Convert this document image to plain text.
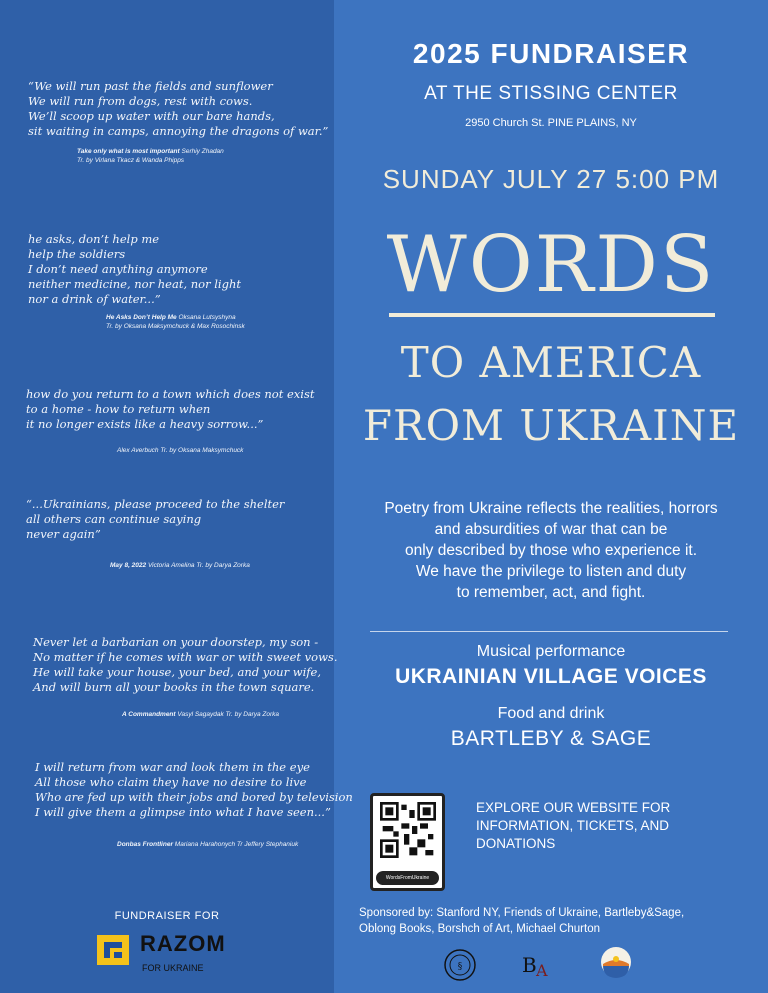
“We will run past the fields and sunflower
We will run from dogs, rest with cows.
We’ll scoop up water with our bare hands,
sit waiting in camps, annoying the dragons of war.”
Take only what is most important Serhiy Zhadan
Tr. by Virlana Tkacz & Wanda Phipps
he asks, don’t help me
help the soldiers
I don’t need anything anymore
neither medicine, nor heat, nor light
nor a drink of water...”
He Asks Don’t Help Me Oksana Lutsyshyna
Tr. by Oksana Maksymchuck & Max Rosochinsk
how do you return to a town which does not exist
to a home - how to return when
it no longer exists like a heavy sorrow...”
Alex Averbuch Tr. by Oksana Maksymchuck
“...Ukrainians, please proceed to the shelter
all others can continue saying
never again”
May 8, 2022 Victoria Amelina Tr. by Darya Zorka
Never let a barbarian on your doorstep, my son -
No matter if he comes with war or with sweet vows.
He will take your house, your bed, and your wife,
And will burn all your books in the town square.
A Commandment Vasyl Sagaydak Tr. by Darya Zorka
I will return from war and look them in the eye
All those who claim they have no desire to live
Who are fed up with their jobs and bored by television
I will give them a glimpse into what I have seen...”
Donbas Frontliner Mariana Harahonych Tr Jeffery Stephaniuk
FUNDRAISER FOR
RAZOM
FOR UKRAINE
2025 FUNDRAISER
AT THE STISSING CENTER
2950 Church St. PINE PLAINS, NY
SUNDAY JULY 27 5:00 PM
WORDS
TO AMERICA
FROM UKRAINE
Poetry from Ukraine reflects the realities, horrors
and absurdities of war that can be
only described by those who experience it.
We have the privilege to listen and duty
to remember, act, and fight.
Musical performance
UKRAINIAN VILLAGE VOICES
Food and drink
BARTLEBY & SAGE
WordsFromUkraine
EXPLORE OUR WEBSITE FOR
INFORMATION, TICKETS, AND
DONATIONS
Sponsored by: Stanford NY, Friends of Ukraine, Bartleby&Sage,
Oblong Books, Borshch of Art, Michael Churton
§	B A
